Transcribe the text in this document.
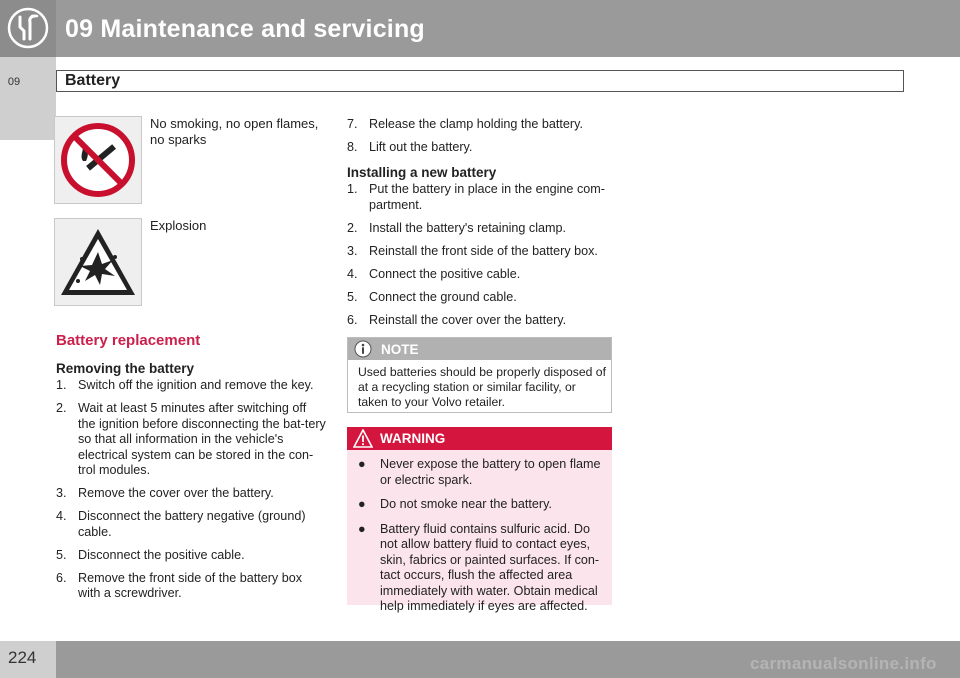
09 Maintenance and servicing
09	Battery
No smoking, no open flames, no sparks
Explosion
Battery replacement
Removing the battery
1. Switch off the ignition and remove the key.
2. Wait at least 5 minutes after switching off the ignition before disconnecting the bat-tery so that all information in the vehicle's electrical system can be stored in the con-trol modules.
3. Remove the cover over the battery.
4. Disconnect the battery negative (ground) cable.
5. Disconnect the positive cable.
6. Remove the front side of the battery box with a screwdriver.
7. Release the clamp holding the battery.
8. Lift out the battery.
Installing a new battery
1. Put the battery in place in the engine com-partment.
2. Install the battery's retaining clamp.
3. Reinstall the front side of the battery box.
4. Connect the positive cable.
5. Connect the ground cable.
6. Reinstall the cover over the battery.
NOTE
Used batteries should be properly disposed of at a recycling station or similar facility, or taken to your Volvo retailer.
WARNING
● Never expose the battery to open flame or electric spark.
● Do not smoke near the battery.
● Battery fluid contains sulfuric acid. Do not allow battery fluid to contact eyes, skin, fabrics or painted surfaces. If con-tact occurs, flush the affected area immediately with water. Obtain medical help immediately if eyes are affected.
224	carmanualsonline.info
